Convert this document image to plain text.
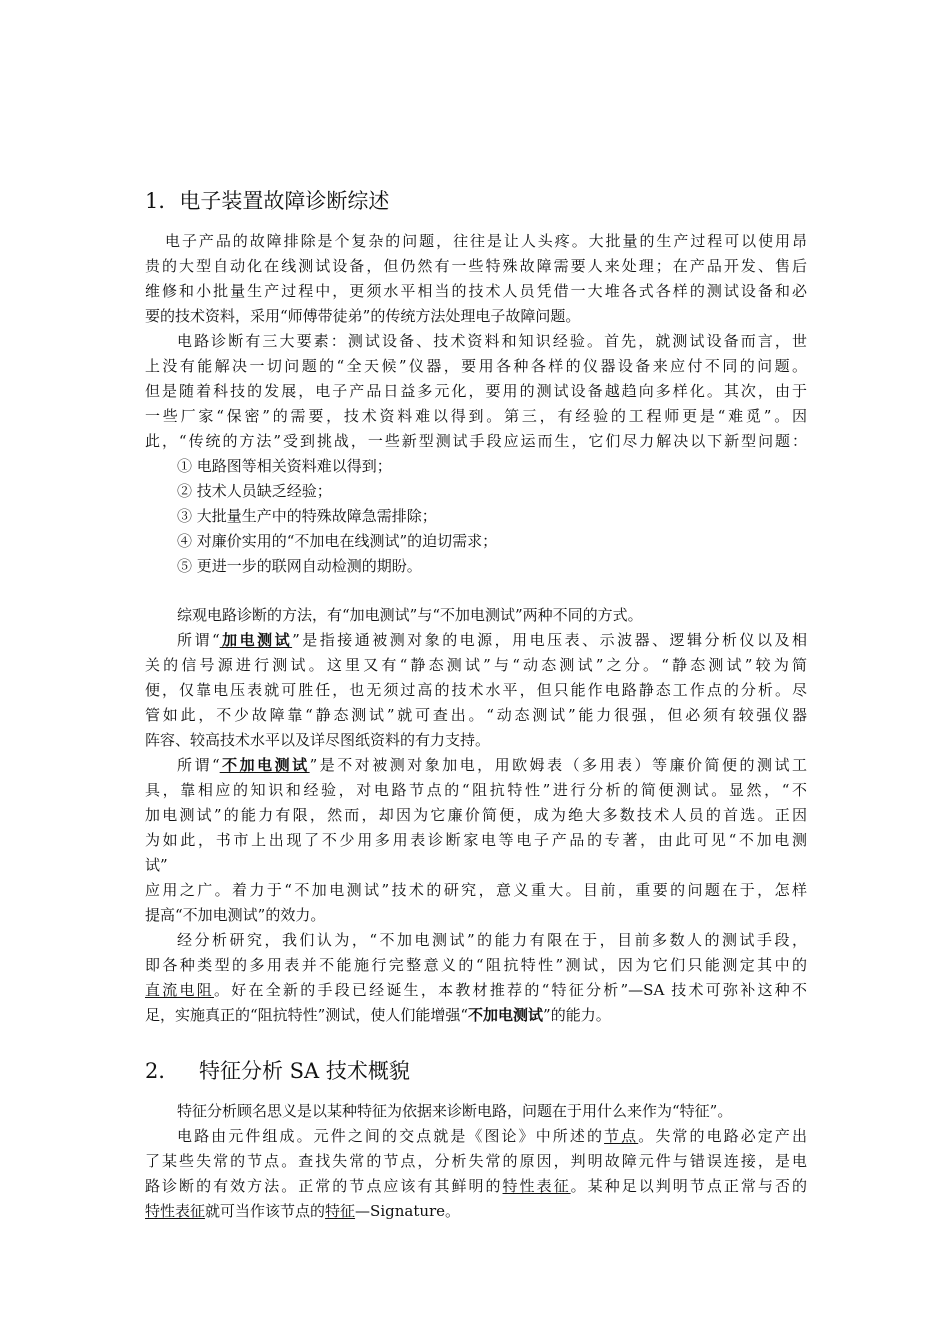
1．电子装置故障诊断综述
电子产品的故障排除是个复杂的问题，往往是让人头疼。大批量的生产过程可以使用昂
贵的大型自动化在线测试设备，但仍然有一些特殊故障需要人来处理；在产品开发、售后
维修和小批量生产过程中，更须水平相当的技术人员凭借一大堆各式各样的测试设备和必
要的技术资料，采用“师傅带徒弟”的传统方法处理电子故障问题。
电路诊断有三大要素：测试设备、技术资料和知识经验。首先，就测试设备而言，世
上没有能解决一切问题的“全天候”仪器，要用各种各样的仪器设备来应付不同的问题。
但是随着科技的发展，电子产品日益多元化，要用的测试设备越趋向多样化。其次，由于
一些厂家“保密”的需要，技术资料难以得到。第三，有经验的工程师更是“难觅”。因
此，“传统的方法”受到挑战，一些新型测试手段应运而生，它们尽力解决以下新型问题：
① 电路图等相关资料难以得到；
② 技术人员缺乏经验；
③ 大批量生产中的特殊故障急需排除；
④ 对廉价实用的“不加电在线测试”的迫切需求；
⑤ 更进一步的联网自动检测的期盼。
综观电路诊断的方法，有“加电测试”与“不加电测试”两种不同的方式。
所谓“加电测试”是指接通被测对象的电源，用电压表、示波器、逻辑分析仪以及相
关的信号源进行测试。这里又有“静态测试”与“动态测试”之分。“静态测试”较为简
便，仅靠电压表就可胜任，也无须过高的技术水平，但只能作电路静态工作点的分析。尽
管如此，不少故障靠“静态测试”就可查出。“动态测试”能力很强，但必须有较强仪器
阵容、较高技术水平以及详尽图纸资料的有力支持。
所谓“不加电测试”是不对被测对象加电，用欧姆表（多用表）等廉价简便的测试工
具，靠相应的知识和经验，对电路节点的“阻抗特性”进行分析的简便测试。显然，“不
加电测试”的能力有限，然而，却因为它廉价简便，成为绝大多数技术人员的首选。正因
为如此，书市上出现了不少用多用表诊断家电等电子产品的专著，由此可见“不加电测
试”
应用之广。着力于“不加电测试”技术的研究，意义重大。目前，重要的问题在于，怎样
提高“不加电测试”的效力。
经分析研究，我们认为，“不加电测试”的能力有限在于，目前多数人的测试手段，
即各种类型的多用表并不能施行完整意义的“阻抗特性”测试，因为它们只能测定其中的
直流电阻。好在全新的手段已经诞生，本教材推荐的“特征分析”—SA 技术可弥补这种不
足，实施真正的“阻抗特性”测试，使人们能增强“不加电测试”的能力。
2． 特征分析 SA 技术概貌
特征分析顾名思义是以某种特征为依据来诊断电路，问题在于用什么来作为“特征”。
电路由元件组成。元件之间的交点就是《图论》中所述的节点。失常的电路必定产出
了某些失常的节点。查找失常的节点，分析失常的原因，判明故障元件与错误连接，是电
路诊断的有效方法。正常的节点应该有其鲜明的特性表征。某种足以判明节点正常与否的
特性表征就可当作该节点的特征—Signature。
